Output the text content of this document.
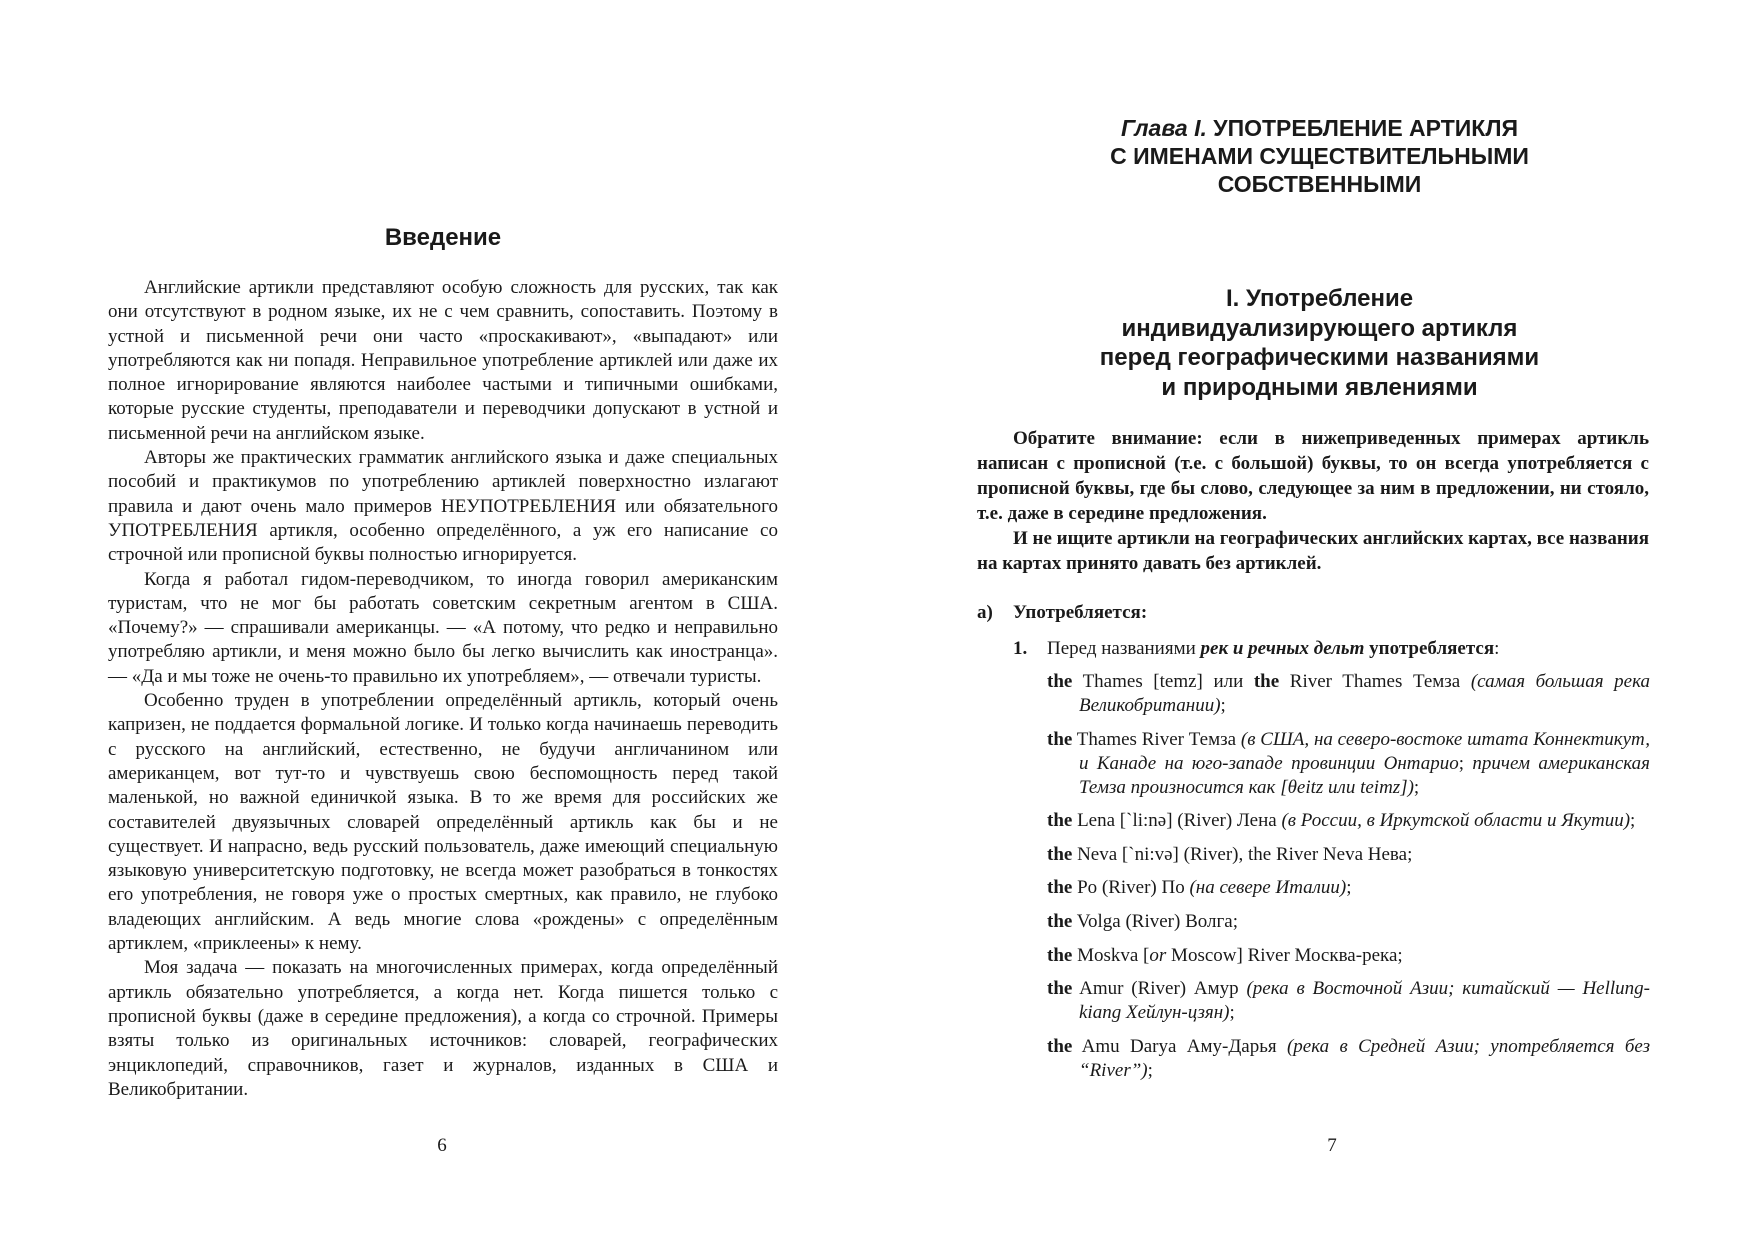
Введение

Английские артикли представляют особую сложность для русских, так как они отсутствуют в родном языке, их не с чем сравнить, сопоставить. Поэтому в устной и письменной речи они часто «проскакивают», «выпадают» или употребляются как ни попадя. Неправильное употребление артиклей или даже их полное игнорирование являются наиболее частыми и типичными ошибками, которые русские студенты, преподаватели и переводчики допускают в устной и письменной речи на английском языке.

Авторы же практических грамматик английского языка и даже специальных пособий и практикумов по употреблению артиклей поверхностно излагают правила и дают очень мало примеров НЕУПОТРЕБЛЕНИЯ или обязательного УПОТРЕБЛЕНИЯ артикля, особенно определённого, а уж его написание со строчной или прописной буквы полностью игнорируется.

Когда я работал гидом-переводчиком, то иногда говорил американским туристам, что не мог бы работать советским секретным агентом в США. «Почему?» — спрашивали американцы. — «А потому, что редко и неправильно употребляю артикли, и меня можно было бы легко вычислить как иностранца». — «Да и мы тоже не очень-то правильно их употребляем», — отвечали туристы.

Особенно труден в употреблении определённый артикль, который очень капризен, не поддается формальной логике. И только когда начинаешь переводить с русского на английский, естественно, не будучи англичанином или американцем, вот тут-то и чувствуешь свою беспомощность перед такой маленькой, но важной единичкой языка. В то же время для российских же составителей двуязычных словарей определённый артикль как бы и не существует. И напрасно, ведь русский пользователь, даже имеющий специальную языковую университетскую подготовку, не всегда может разобраться в тонкостях его употребления, не говоря уже о простых смертных, как правило, не глубоко владеющих английским. А ведь многие слова «рождены» с определённым артиклем, «приклеены» к нему.

Моя задача — показать на многочисленных примерах, когда определённый артикль обязательно употребляется, а когда нет. Когда пишется только с прописной буквы (даже в середине предложения), а когда со строчной. Примеры взяты только из оригинальных источников: словарей, географических энциклопедий, справочников, газет и журналов, изданных в США и Великобритании.

6
Глава I. УПОТРЕБЛЕНИЕ АРТИКЛЯ
С ИМЕНАМИ СУЩЕСТВИТЕЛЬНЫМИ
СОБСТВЕННЫМИ
I. Употребление
индивидуализирующего артикля
перед географическими названиями
и природными явлениями

Обратите внимание: если в нижеприведенных примерах артикль написан с прописной (т.е. с большой) буквы, то он всегда употребляется с прописной буквы, где бы слово, следующее за ним в предложении, ни стояло, т.е. даже в середине предложения.

И не ищите артикли на географических английских картах, все названия на картах принято давать без артиклей.

а) Употребляется:
1. Перед названиями рек и речных дельт употребляется:
the Thames [temz] или the River Thames Темза (самая большая река Великобритании);
the Thames River Темза (в США, на северо-востоке штата Коннектикут, и Канаде на юго-западе провинции Онтарио; причем американская Темза произносится как [θeitz или teimz]);
the Lena [`li:nə] (River) Лена (в России, в Иркутской области и Якутии);
the Neva [`ni:və] (River), the River Neva Нева;
the Po (River) По (на севере Италии);
the Volga (River) Волга;
the Moskva [or Moscow] River Москва-река;
the Amur (River) Амур (река в Восточной Азии; китайский — Hellung-kiang Хейлун-цзян);
the Amu Darya Аму-Дарья (река в Средней Азии; употребляется без “River”);
7
